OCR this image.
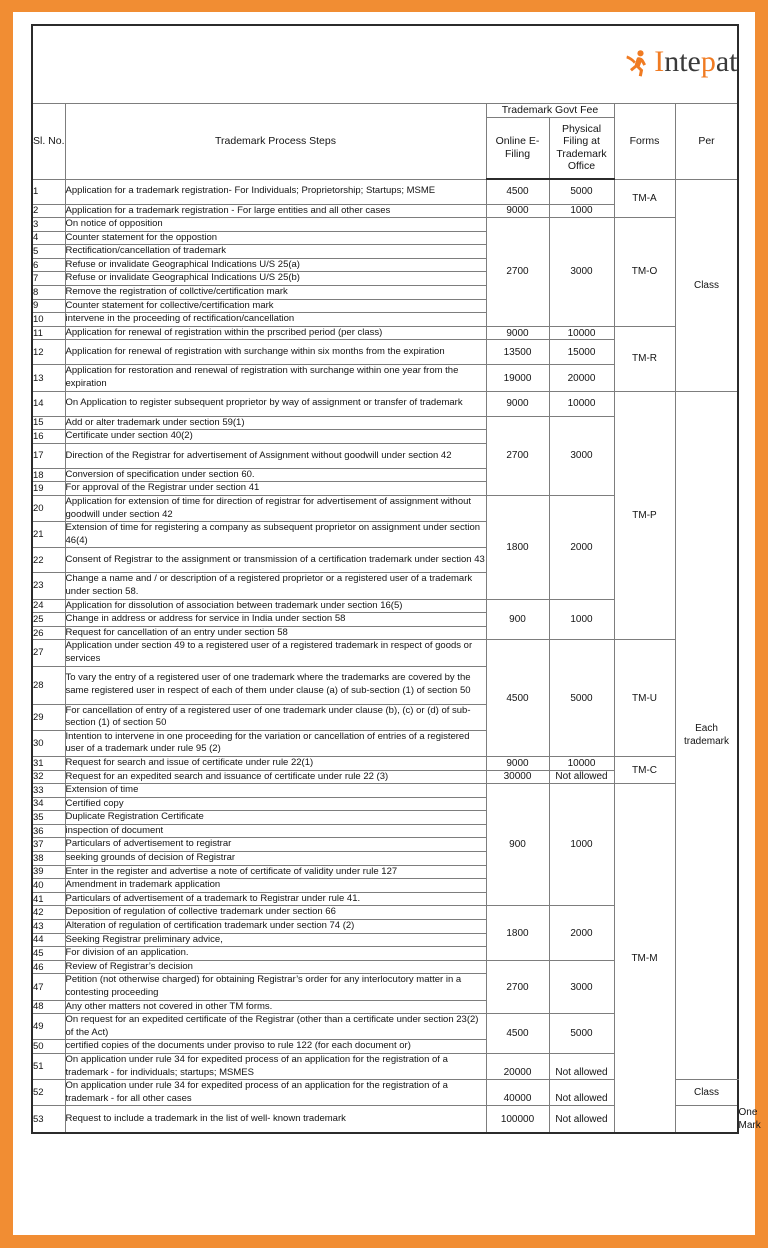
Intepat						

Sl. No.	Trademark Process Steps	Trademark Govt Fee		Forms	Per	
		Online E-Filing	Physical Filing at Trademark Office			
1	Application for a trademark registration- For Individuals; Proprietorship; Startups; MSME	4500	5000	TM-A	Class	
2	Application for a trademark registration - For large entities and all other cases	9000	1000			
3	On notice of opposition	2700	3000	TM-O		
4	Counter statement for the oppostion					
5	Rectification/cancellation of trademark					
6	Refuse or invalidate Geographical Indications U/S 25(a)					
7	Refuse or invalidate Geographical Indications U/S 25(b)					
8	Remove the registration of collctive/certification mark					
9	Counter statement for collective/certification mark					
10	intervene in the proceeding of rectification/cancellation					
11	Application for renewal of registration within the prscribed period (per class)	9000	10000	TM-R		
12	Application for renewal of registration with surchange within six months from the expiration	13500	15000			
13	Application for restoration and renewal of registration with surchange within one year from the expiration	19000	20000			
14	On Application to register subsequent proprietor by way of assignment or transfer of trademark	9000	10000	TM-P	Each trademark	
15	Add or alter trademark under section 59(1)	2700	3000			
16	Certificate under section 40(2)					
17	Direction of the Registrar for advertisement of Assignment without goodwill under section 42					
18	Conversion of specification under section 60.					
19	For approval of the Registrar under section 41					
20	Application for extension of time for direction of registrar for advertisement of assignment without goodwill under section 42	1800	2000			
21	Extension of time for registering a company as subsequent proprietor on assignment under section 46(4)					
22	Consent of Registrar to the assignment or transmission of a certification trademark under section 43					
23	Change a name and / or description of a registered proprietor or a registered user of a trademark under section 58.					
24	Application for dissolution of association between trademark under section 16(5)	900	1000			
25	Change in address or address for service in India under section 58					
26	Request for cancellation of an entry under section 58					
27	Application under section 49 to a registered user of a registered trademark in respect of goods or services	4500	5000	TM-U		
28	To vary the entry of a registered user of one trademark where the trademarks are covered by the same registered user in respect of each of them under clause (a) of sub-section (1) of section 50					
29	For cancellation of entry of a registered user of one trademark under clause (b), (c) or (d) of sub-section (1) of section 50					
30	Intention to intervene in one proceeding for the variation or cancellation of entries of a registered user of a trademark under rule 95 (2)					
31	Request for search and issue of certificate under rule 22(1)	9000	10000	TM-C		
32	Request for an expedited search and issuance of certificate under rule 22 (3)	30000	Not allowed			
33	Extension of time	900	1000	TM-M		
34	Certified copy					
35	Duplicate Registration Certificate					
36	inspection of document					
37	Particulars of advertisement to registrar					
38	seeking grounds of decision of Registrar					
39	Enter in the register and advertise a note of certificate of validity under rule 127					
40	Amendment in trademark application					
41	Particulars of advertisement of a trademark to Registrar under rule 41.					
42	Deposition of regulation of collective trademark under section 66	1800	2000			
43	Alteration of regulation of certification trademark under section 74 (2)					
44	Seeking Registrar preliminary advice,					
45	For division of an application.					
46	Review of Registrar’s decision	2700	3000			
47	Petition (not otherwise charged) for obtaining Registrar’s order for any interlocutory matter in a contesting proceeding					
48	Any other matters not covered in other TM forms.					
49	On request for an expedited certificate of the Registrar (other than a certificate under section 23(2) of the Act)	4500	5000			
50	certified copies of the documents under proviso to rule 122 (for each document or)					
51	On application under rule 34 for expedited process of an application for the registration of a trademark - for individuals; startups; MSMES	20000	Not allowed			
52	On application under rule 34 for expedited process of an application for the registration of a trademark - for all other cases	40000	Not allowed		Class	
53	Request to include a trademark in the list of well- known trademark	100000	Not allowed			One Mark
